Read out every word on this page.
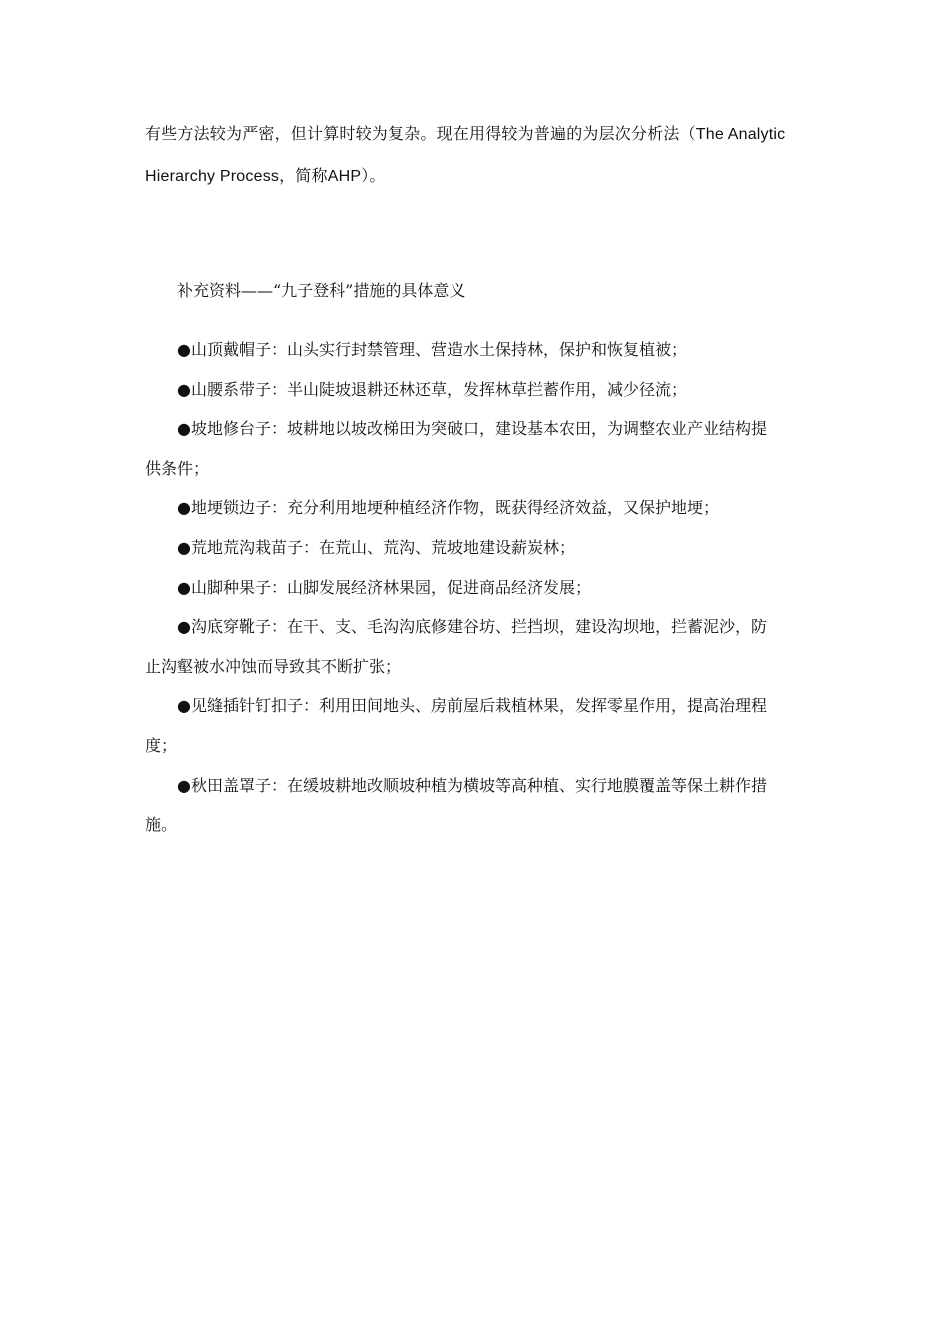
有些方法较为严密，但计算时较为复杂。现在用得较为普遍的为层次分析法（The Analytic

Hierarchy Process，简称AHP）。

补充资料——“九子登科”措施的具体意义

●山顶戴帽子：山头实行封禁管理、营造水土保持林，保护和恢复植被；

●山腰系带子：半山陡坡退耕还林还草，发挥林草拦蓄作用，减少径流；

●坡地修台子：坡耕地以坡改梯田为突破口，建设基本农田，为调整农业产业结构提

供条件；

●地埂锁边子：充分利用地埂种植经济作物，既获得经济效益，又保护地埂；

●荒地荒沟栽苗子：在荒山、荒沟、荒坡地建设薪炭林；

●山脚种果子：山脚发展经济林果园，促进商品经济发展；

●沟底穿靴子：在干、支、毛沟沟底修建谷坊、拦挡坝，建设沟坝地，拦蓄泥沙，防

止沟壑被水冲蚀而导致其不断扩张；

●见缝插针钉扣子：利用田间地头、房前屋后栽植林果，发挥零星作用，提高治理程

度；

●秋田盖罩子：在缓坡耕地改顺坡种植为横坡等高种植、实行地膜覆盖等保土耕作措

施。
